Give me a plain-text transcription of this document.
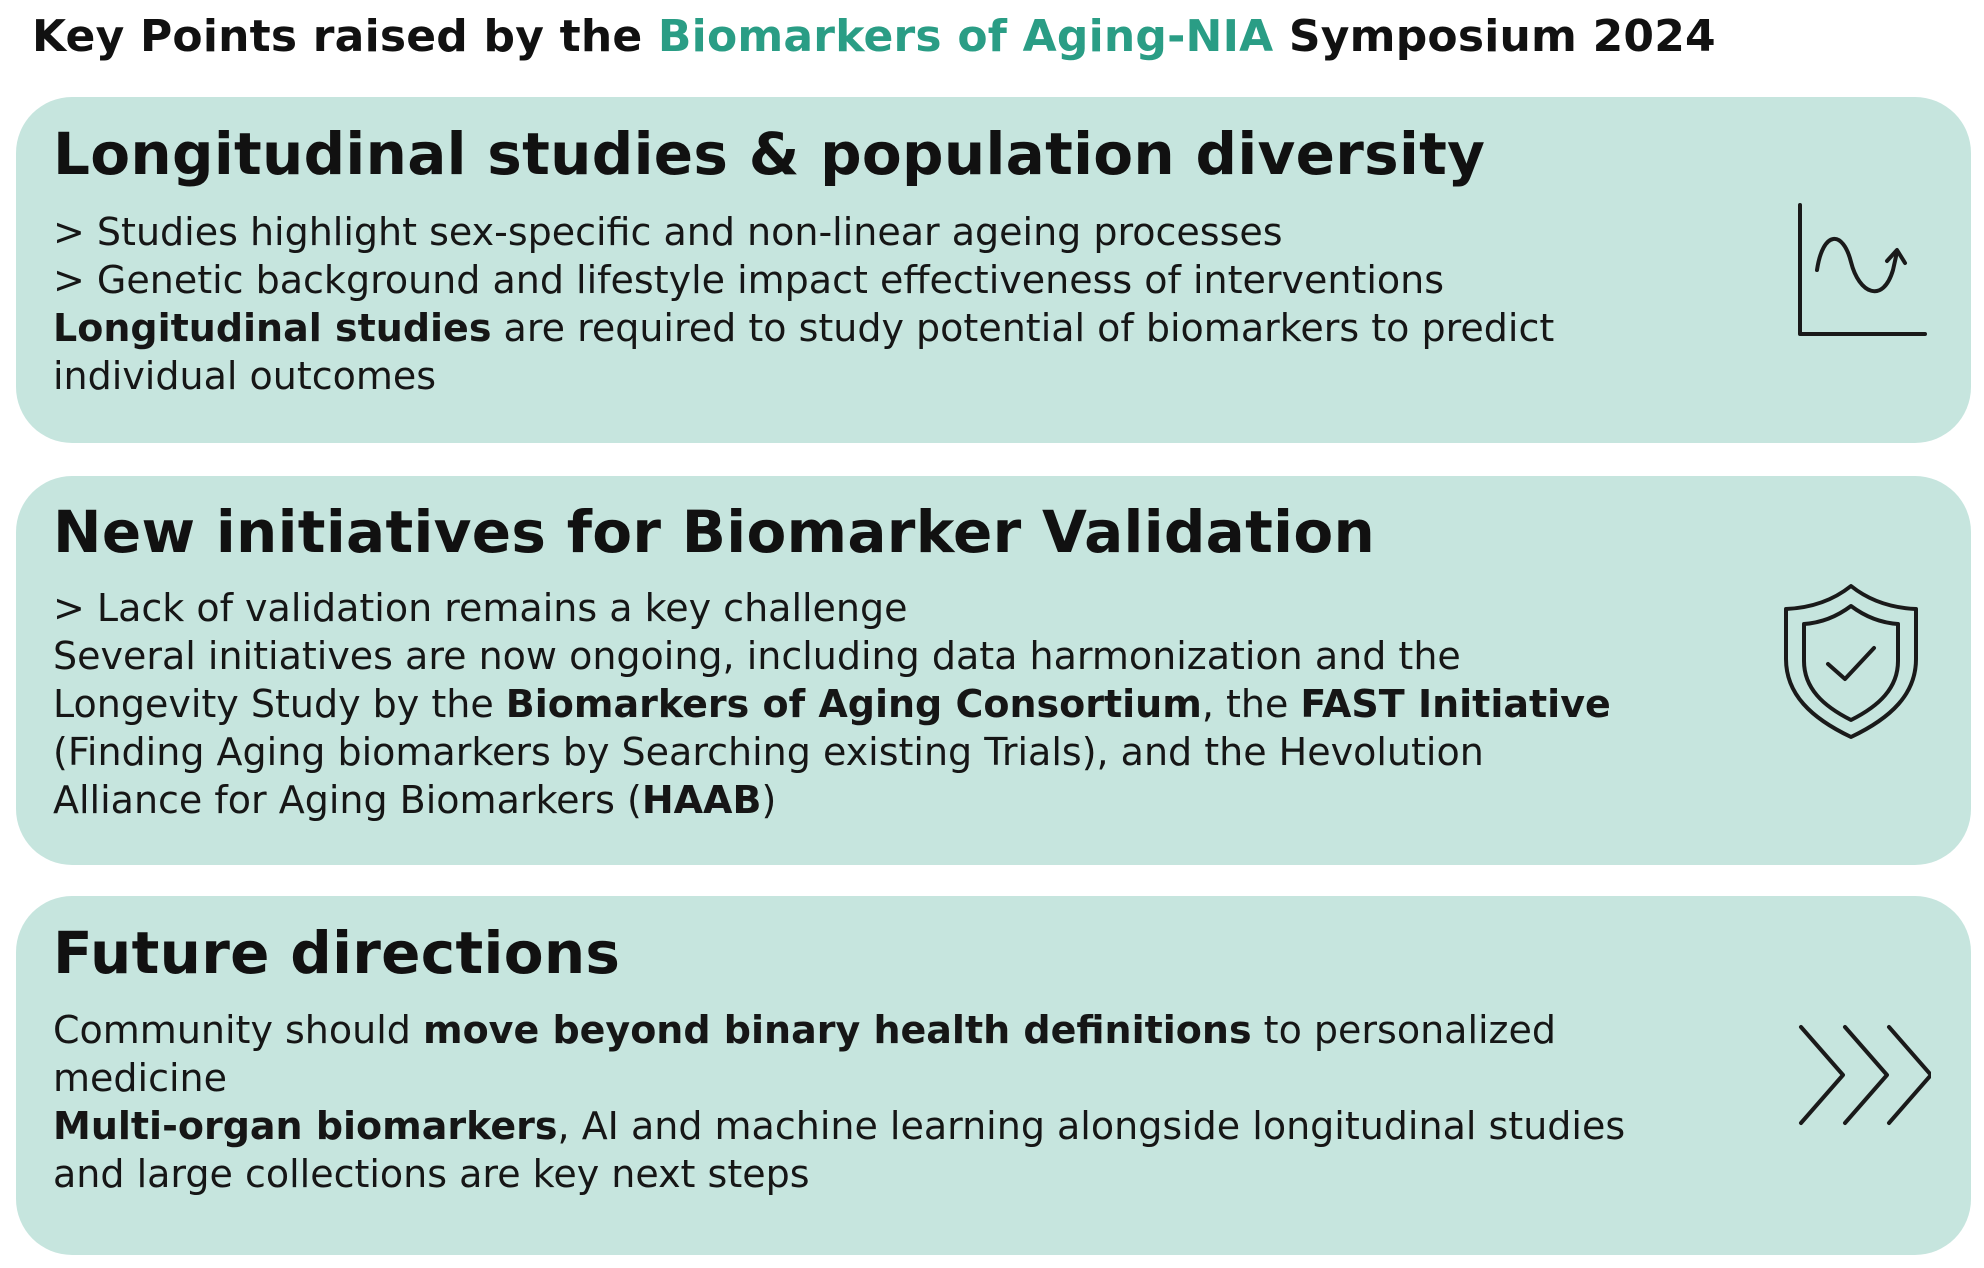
Key Points raised by the Biomarkers of Aging-NIA Symposium 2024
Longitudinal studies & population diversity

> Studies highlight sex-specific and non-linear ageing processes

> Genetic background and lifestyle impact effectiveness of interventions

Longitudinal studies are required to study potential of biomarkers to predict

individual outcomes

New initiatives for Biomarker Validation

> Lack of validation remains a key challenge

Several initiatives are now ongoing, including data harmonization and the

Longevity Study by the Biomarkers of Aging Consortium, the FAST Initiative

(Finding Aging biomarkers by Searching existing Trials), and the Hevolution

Alliance for Aging Biomarkers (HAAB)

Future directions

Community should move beyond binary health definitions to personalized

medicine

Multi-organ biomarkers, AI and machine learning alongside longitudinal studies

and large collections are key next steps
